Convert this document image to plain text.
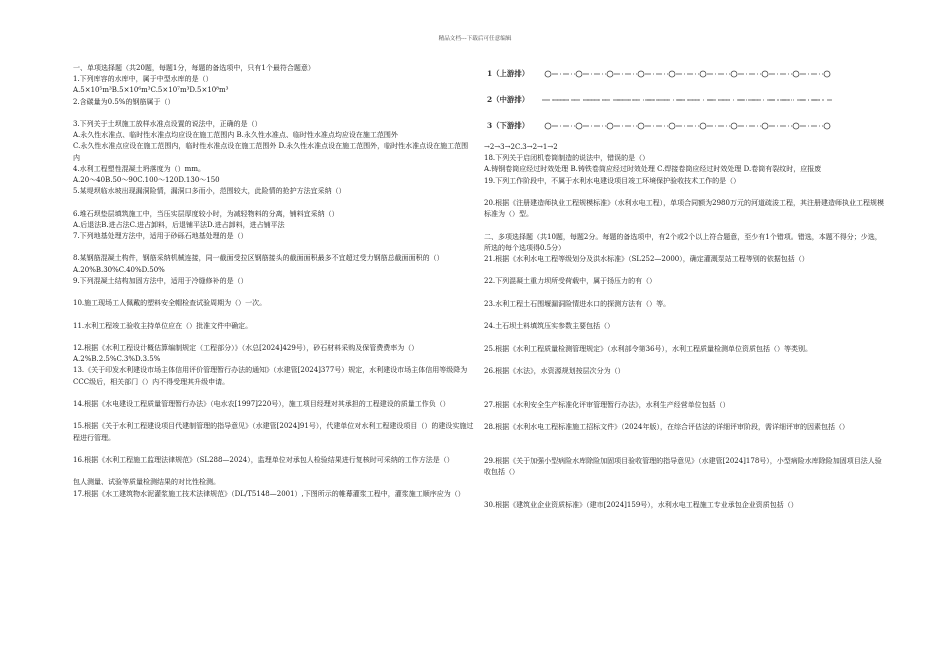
精品文档---下载后可任意编辑

一、单项选择题（共20题，每题1分，每题的备选项中，只有1个最符合题意）

1.下列库容的水库中，属于中型水库的是（）

A.5×10⁵m³B.5×10⁶m³C.5×10⁷m³D.5×10⁸m³

2.含碳量为0.5%的钢筋属于（）

3.下列关于土坝施工放样水准点设置的说法中，正确的是（）

A.永久性水准点、临时性水准点均应设在施工范围内 B.永久性水准点、临时性水准点均应设在施工范围外

C.永久性水准点应设在施工范围内，临时性水准点设在施工范围外 D.永久性水准点设在施工范围外，临时性水准点设在施工范围内

4.水利工程塑性混凝土坍落度为（）mm。

A.20～40B.50～90C.100～120D.130～150

5.某堤坝临水坡出现漏洞险情，漏洞口多而小，范围较大，此险情的抢护方法宜采纳（）

6.堆石坝垫层填筑施工中，当压实层厚度较小时，为减轻物料的分离，铺料宜采纳（）

A.后退法B.进占法C.进占卸料，后退铺平法D.进占卸料，进占铺平法

7.下列地基处理方法中，适用于砂砾石地基处理的是（）

8.某钢筋混凝土构件，钢筋采纳机械连接，同一截面受拉区钢筋接头的截面面积最多不宜超过受力钢筋总截面面积的（）

A.20%B.30%C.40%D.50%

9.下列混凝土结构加固方法中，适用于冷缝修补的是（）

10.施工现场工人佩戴的塑料安全帽检查试验周期为（）一次。

11.水利工程竣工验收主持单位应在（）批准文件中确定。

12.根据《水利工程设计概估算编制规定（工程部分）》（水总[2024]429号），砂石材料采购及保管费费率为（）

A.2%B.2.5%C.3%D.3.5%

13.《关于印发水利建设市场主体信用评价管理暂行办法的通知》（水建管[2024]377号）规定，水利建设市场主体信用等级降为CCC级后，相关部门（）内不得受理其升级申请。

14.根据《水电建设工程质量管理暂行办法》（电水农[1997]220号），施工项目经理对其承担的工程建设的质量工作负（）

15.根据《关于水利工程建设项目代建制管理的指导意见》（水建管[2024]91号），代建单位对水利工程建设项目（）的建设实施过程进行管理。

16.根据《水利工程施工监理法律规范》（SL288—2024），监理单位对承包人检验结果进行复核时可采纳的工作方法是（）

包人测量、试验等质量检测结果的对比性检测。

17.根据《水工建筑物水泥灌浆施工技术法律规范》（DL/T5148—2001）,下图所示的帷幕灌浆工程中，灌浆施工顺序应为（）

1（上游排）
2（中游排）
3（下游排）

→2→3→2C.3→2→1→2

18.下列关于启闭机卷筒制造的说法中，错误的是（）

A.铸钢卷筒应经过时效处理 B.铸铁卷筒应经过时效处理 C.焊接卷筒应经过时效处理 D.卷筒有裂纹时，应报废

19.下列工作阶段中，不属于水利水电建设项目竣工环境保护验收技术工作的是（）

20.根据《注册建造师执业工程规模标准》（水利水电工程），单项合同额为2980万元的河道疏浚工程，其注册建造师执业工程规模标准为（）型。

二、多项选择题（共10题，每题2分。每题的备选项中，有2个或2个以上符合题意，至少有1个错项。错选，本题不得分；少选，所选的每个选项得0.5分）

21.根据《水利水电工程等级划分及洪水标准》（SL252—2000），确定灌溉泵站工程等别的依据包括（）

22.下列混凝土重力坝所受荷载中，属于扬压力的有（）

23.水利工程土石围堰漏洞险情进水口的探测方法有（）等。

24.土石坝土料填筑压实参数主要包括（）

25.根据《水利工程质量检测管理规定》（水利部令第36号），水利工程质量检测单位资质包括（）等类别。

26.根据《水法》，水资源规划按层次分为（）

27.根据《水利安全生产标准化评审管理暂行办法》，水利生产经营单位包括（）

28.根据《水利水电工程标准施工招标文件》（2024年版），在综合评估法的详细评审阶段，需详细评审的因素包括（）

29.根据《关于加强小型病险水库除险加固项目验收管理的指导意见》（水建管[2024]178号），小型病险水库除险加固项目法人验收包括（）

30.根据《建筑业企业资质标准》（建市[2024]159号），水利水电工程施工专业承包企业资质包括（）
